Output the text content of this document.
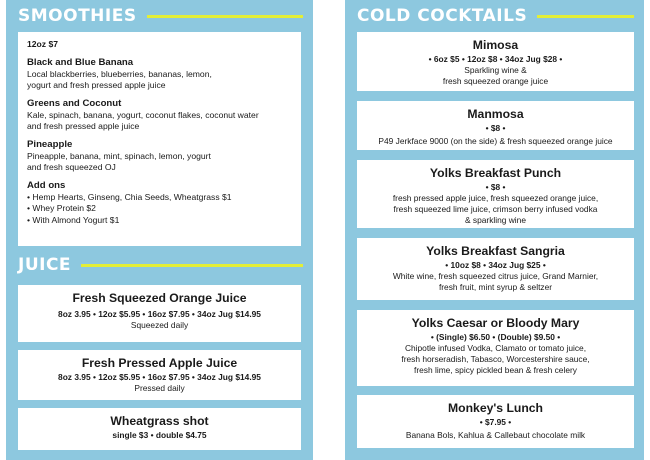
SMOOTHIES
12oz $7
Black and Blue Banana
Local blackberries, blueberries, bananas, lemon,
yogurt and fresh pressed apple juice
Greens and Coconut
Kale, spinach, banana, yogurt, coconut flakes, coconut water
and fresh pressed apple juice
Pineapple
Pineapple, banana, mint, spinach, lemon, yogurt
and fresh squeezed OJ
Add ons
• Hemp Hearts, Ginseng, Chia Seeds, Wheatgrass $1
• Whey Protein $2
• With Almond Yogurt $1
JUICE
Fresh Squeezed Orange Juice
8oz 3.95 • 12oz $5.95 • 16oz $7.95 • 34oz Jug $14.95
Squeezed daily
Fresh Pressed Apple Juice
8oz 3.95 • 12oz $5.95 • 16oz $7.95 • 34oz Jug $14.95
Pressed daily
Wheatgrass shot
single $3 • double $4.75
COLD COCKTAILS
Mimosa
• 6oz $5 • 12oz $8 • 34oz Jug $28 •
Sparkling wine &
fresh squeezed orange juice
Manmosa
• $8 •
P49 Jerkface 9000 (on the side) & fresh squeezed orange juice
Yolks Breakfast Punch
• $8 •
fresh pressed apple juice, fresh squeezed orange juice,
fresh squeezed lime juice, crimson berry infused vodka
& sparkling wine
Yolks Breakfast Sangria
• 10oz $8 • 34oz Jug $25 •
White wine, fresh squeezed citrus juice, Grand Marnier,
fresh fruit, mint syrup & seltzer
Yolks Caesar or Bloody Mary
• (Single) $6.50 • (Double) $9.50 •
Chipotle infused Vodka, Clamato or tomato juice,
fresh horseradish, Tabasco, Worcestershire sauce,
fresh lime, spicy pickled bean & fresh celery
Monkey's Lunch
• $7.95 •
Banana Bols, Kahlua & Callebaut chocolate milk
